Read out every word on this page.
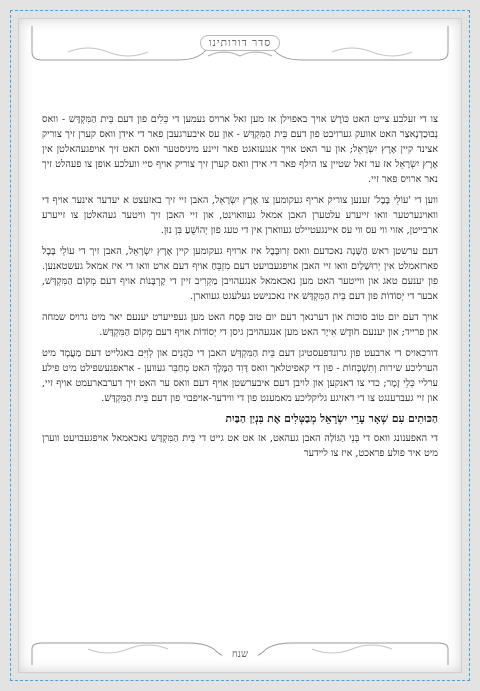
סדר דורותינו

צו די זעלבע צייט האט כּוֹרֶשׁ אויך באפוילן אז מען זאל ארויס נעמען די כֵּלִים פון דעם בֵּית הַמִּקְדָּשׁ - וואס נְבוּכַדְנֶאצַר האט אוועק גערויבט פון דעם בֵּית הַמִּקְדָּשׁ - און עס איבערגעבן פאר די אידן וואס קערן זיך צוריק אצינד קיין אֶרֶץ יִשְׂרָאֵל; און ער האט אויך אנגעזאגט פאר זיינע מיניסטער וואס האט זיך אויפגעהאלטן אין אֶרֶץ יִשְׂרָאֵל אז ער זאל שטיין צו הילף פאר די אידן וואס קערן זיך צוריק אויף סיי וועלכע אופן צו פעהלט זיך נאר ארויס פאר זיי.

ווען די 'עוֹלֵי בָּבֶל' זענען צוריק אריף געקומען צו אֶרֶץ יִשְׂרָאֵל, האבן זיי זיך באזעצט א יעדער אינער אויף די וואוינערטער וואו זייערע עלטערן האבן אמאל געוואוינט, און זיי האבן זיך וויטער געהאלטן צו זייערע ארבייטן, אזוי ווי עס ווי עס איינגעטיילט געווארן אין די טעג פון יְהוֹשֻׁעַ בִּן נוּן.

דעם ערשטן ראש הַשָּׁנָה נאכדעם וואס זְרוּבָּבֶל איז ארויף געקומען קיין אֶרֶץ יִשְׂרָאֵל, האבן זיך די עוֹלֵי בָּבֶל פארזאמלט אין יְרוּשָׁלַיִם וואו זיי האבן אויפגעבויעט דעם מִזְבֵּחַ אויף דעם ארט וואו די איז אמאל געשטאנען. פון יענעם טאג און ווייטער האט מען נאכאמאל אנגעהויבן מַקְרִיב זיין די קָרְבָּנוֹת אויף דעם מְקוֹם הַמִּקְדָּשׁ, אבער די יְסוֹדוֹת פון דעם בֵּית הַמִּקְדָּשׁ איז נאכנישט געלעגט געווארן.

אויך דעם יום טוב סוכות און דערנאך דעם יום טוב פֶּסַח האט מען געפייערט יענעם יאר מיט גרויס שמחה און פרייד; און יענעם חֹודֶשׁ אִייָר האט מען אנגעהויבן גיסן די יְסוֹדוֹת אויף דעם מְקוֹם הַמִּקְדָּשׁ.

דורכאויס די ארבעט פון גרונדפעסטיגן דעם בֵּית הַמִּקְדָּשׁ האבן די כֹּהֲנִים און לְוִיִּם באגלייט דעם מַעֲמָד מיט הערליכע שירות וְתִשְׁבָּחוֹת - פון די קאפיטלאך וואס דָּוִד הַמֶּלֶךְ האט מְחַבֵּר געווען - אראפגעשפילט מיט פילע ערליי כְּלֵי זֶמֶר; כדי צו דאנקען און לויבן דעם איבערשטן אויף דעם וואס ער האט זיך דערבארעמט אויף זיי, און זיי געברענגט צו די דאזיגע גליקליכע מאמענט פון די ווידער-אויפבוי פון דעם בֵּית הַמִּקְדָּשׁ.

הַכּוּתִים עִם שְׁאָר עָרֵי יִשְׂרָאֵל מְבַטְּלִים אֶת בִּנְיַן הַבַּיִת

די האפענונג וואס די בְּנֵי הַגּוֹלָה האבן געהאט, אז אט אט גייט די בֵּית הַמִּקְדָּשׁ נאכאמאל אויפגעבויעט ווערן מיט איר פולע פראכט, איז צו לײדער

שנח
